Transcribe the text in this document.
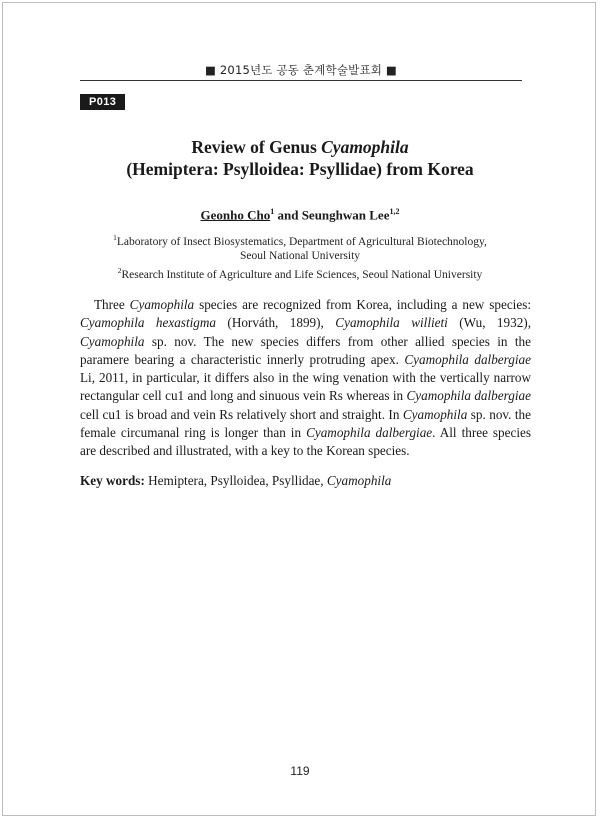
■ 2015년도 공동 춘계학술발표회 ■
P013
Review of Genus Cyamophila
(Hemiptera: Psylloidea: Psyllidae) from Korea
Geonho Cho$^1$ and Seunghwan Lee$^{1,2}$
$^1$Laboratory of Insect Biosystematics, Department of Agricultural Biotechnology,
Seoul National University
$^2$Research Institute of Agriculture and Life Sciences, Seoul National University
Three Cyamophila species are recognized from Korea, including a new species: Cyamophila hexastigma (Horváth, 1899), Cyamophila willieti (Wu, 1932), Cyamophila sp. nov. The new species differs from other allied species in the paramere bearing a characteristic innerly protruding apex. Cyamophila dalbergiae Li, 2011, in particular, it differs also in the wing venation with the vertically narrow rectangular cell cu1 and long and sinuous vein Rs whereas in Cyamophila dalbergiae cell cu1 is broad and vein Rs relatively short and straight. In Cyamophila sp. nov. the female circumanal ring is longer than in Cyamophila dalbergiae. All three species are described and illustrated, with a key to the Korean species.
Key words: Hemiptera, Psylloidea, Psyllidae, Cyamophila
119
